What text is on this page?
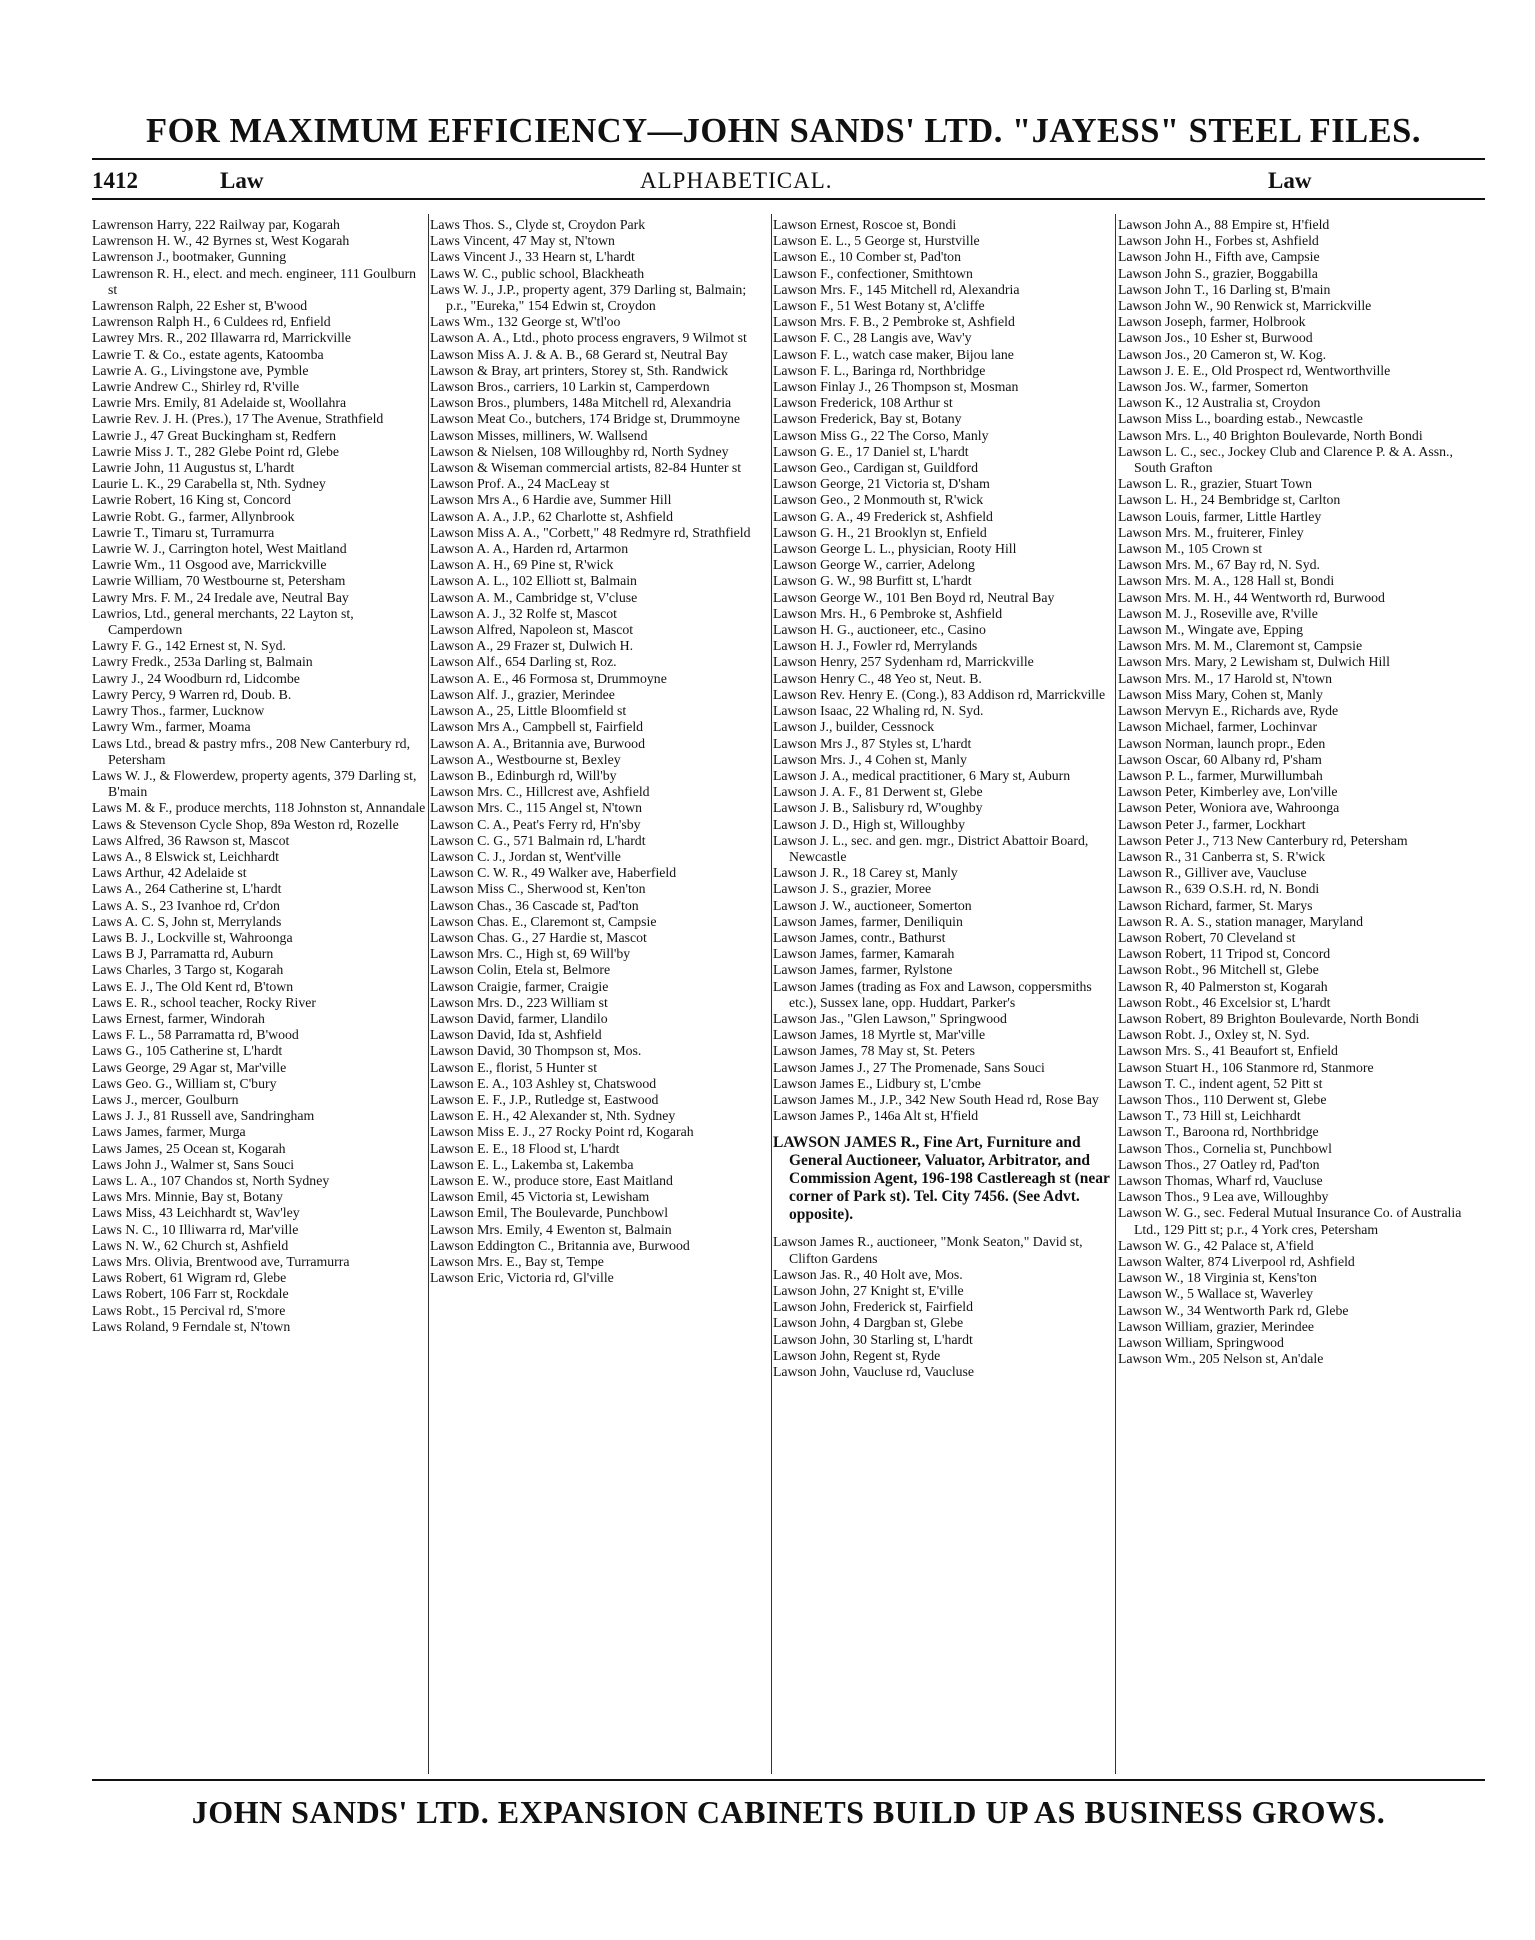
FOR MAXIMUM EFFICIENCY—JOHN SANDS' LTD. "JAYESS" STEEL FILES.
1412	Law	ALPHABETICAL.	Law

Lawrenson Harry, 222 Railway par, Kogarah

Lawrenson H. W., 42 Byrnes st, West Kogarah

Lawrenson J., bootmaker, Gunning

Lawrenson R. H., elect. and mech. engineer, 111 Goulburn st

Lawrenson Ralph, 22 Esher st, B'wood

Lawrenson Ralph H., 6 Culdees rd, Enfield

Lawrey Mrs. R., 202 Illawarra rd, Marrickville

Lawrie T. & Co., estate agents, Katoomba

Lawrie A. G., Livingstone ave, Pymble

Lawrie Andrew C., Shirley rd, R'ville

Lawrie Mrs. Emily, 81 Adelaide st, Woollahra

Lawrie Rev. J. H. (Pres.), 17 The Avenue, Strathfield

Lawrie J., 47 Great Buckingham st, Redfern

Lawrie Miss J. T., 282 Glebe Point rd, Glebe

Lawrie John, 11 Augustus st, L'hardt

Laurie L. K., 29 Carabella st, Nth. Sydney

Lawrie Robert, 16 King st, Concord

Lawrie Robt. G., farmer, Allynbrook

Lawrie T., Timaru st, Turramurra

Lawrie W. J., Carrington hotel, West Maitland

Lawrie Wm., 11 Osgood ave, Marrickville

Lawrie William, 70 Westbourne st, Petersham

Lawry Mrs. F. M., 24 Iredale ave, Neutral Bay

Lawrios, Ltd., general merchants, 22 Layton st, Camperdown

Lawry F. G., 142 Ernest st, N. Syd.

Lawry Fredk., 253a Darling st, Balmain

Lawry J., 24 Woodburn rd, Lidcombe

Lawry Percy, 9 Warren rd, Doub. B.

Lawry Thos., farmer, Lucknow

Lawry Wm., farmer, Moama

Laws Ltd., bread & pastry mfrs., 208 New Canterbury rd, Petersham

Laws W. J., & Flowerdew, property agents, 379 Darling st, B'main

Laws M. & F., produce merchts, 118 Johnston st, Annandale

Laws & Stevenson Cycle Shop, 89a Weston rd, Rozelle

Laws Alfred, 36 Rawson st, Mascot

Laws A., 8 Elswick st, Leichhardt

Laws Arthur, 42 Adelaide st

Laws A., 264 Catherine st, L'hardt

Laws A. S., 23 Ivanhoe rd, Cr'don

Laws A. C. S, John st, Merrylands

Laws B. J., Lockville st, Wahroonga

Laws B J, Parramatta rd, Auburn

Laws Charles, 3 Targo st, Kogarah

Laws E. J., The Old Kent rd, B'town

Laws E. R., school teacher, Rocky River

Laws Ernest, farmer, Windorah

Laws F. L., 58 Parramatta rd, B'wood

Laws G., 105 Catherine st, L'hardt

Laws George, 29 Agar st, Mar'ville

Laws Geo. G., William st, C'bury

Laws J., mercer, Goulburn

Laws J. J., 81 Russell ave, Sandringham

Laws James, farmer, Murga

Laws James, 25 Ocean st, Kogarah

Laws John J., Walmer st, Sans Souci

Laws L. A., 107 Chandos st, North Sydney

Laws Mrs. Minnie, Bay st, Botany

Laws Miss, 43 Leichhardt st, Wav'ley

Laws N. C., 10 Illiwarra rd, Mar'ville

Laws N. W., 62 Church st, Ashfield

Laws Mrs. Olivia, Brentwood ave, Turramurra

Laws Robert, 61 Wigram rd, Glebe

Laws Robert, 106 Farr st, Rockdale

Laws Robt., 15 Percival rd, S'more

Laws Roland, 9 Ferndale st, N'town

Laws Thos. S., Clyde st, Croydon Park

Laws Vincent, 47 May st, N'town

Laws Vincent J., 33 Hearn st, L'hardt

Laws W. C., public school, Blackheath

Laws W. J., J.P., property agent, 379 Darling st, Balmain; p.r., "Eureka," 154 Edwin st, Croydon

Laws Wm., 132 George st, W'tl'oo

Lawson A. A., Ltd., photo process engravers, 9 Wilmot st

Lawson Miss A. J. & A. B., 68 Gerard st, Neutral Bay

Lawson & Bray, art printers, Storey st, Sth. Randwick

Lawson Bros., carriers, 10 Larkin st, Camperdown

Lawson Bros., plumbers, 148a Mitchell rd, Alexandria

Lawson Meat Co., butchers, 174 Bridge st, Drummoyne

Lawson Misses, milliners, W. Wallsend

Lawson & Nielsen, 108 Willoughby rd, North Sydney

Lawson & Wiseman commercial artists, 82-84 Hunter st

Lawson Prof. A., 24 MacLeay st

Lawson Mrs A., 6 Hardie ave, Summer Hill

Lawson A. A., J.P., 62 Charlotte st, Ashfield

Lawson Miss A. A., "Corbett," 48 Redmyre rd, Strathfield

Lawson A. A., Harden rd, Artarmon

Lawson A. H., 69 Pine st, R'wick

Lawson A. L., 102 Elliott st, Balmain

Lawson A. M., Cambridge st, V'cluse

Lawson A. J., 32 Rolfe st, Mascot

Lawson Alfred, Napoleon st, Mascot

Lawson A., 29 Frazer st, Dulwich H.

Lawson Alf., 654 Darling st, Roz.

Lawson A. E., 46 Formosa st, Drummoyne

Lawson Alf. J., grazier, Merindee

Lawson A., 25, Little Bloomfield st

Lawson Mrs A., Campbell st, Fairfield

Lawson A. A., Britannia ave, Burwood

Lawson A., Westbourne st, Bexley

Lawson B., Edinburgh rd, Will'by

Lawson Mrs. C., Hillcrest ave, Ashfield

Lawson Mrs. C., 115 Angel st, N'town

Lawson C. A., Peat's Ferry rd, H'n'sby

Lawson C. G., 571 Balmain rd, L'hardt

Lawson C. J., Jordan st, Went'ville

Lawson C. W. R., 49 Walker ave, Haberfield

Lawson Miss C., Sherwood st, Ken'ton

Lawson Chas., 36 Cascade st, Pad'ton

Lawson Chas. E., Claremont st, Campsie

Lawson Chas. G., 27 Hardie st, Mascot

Lawson Mrs. C., High st, 69 Will'by

Lawson Colin, Etela st, Belmore

Lawson Craigie, farmer, Craigie

Lawson Mrs. D., 223 William st

Lawson David, farmer, Llandilo

Lawson David, Ida st, Ashfield

Lawson David, 30 Thompson st, Mos.

Lawson E., florist, 5 Hunter st

Lawson E. A., 103 Ashley st, Chatswood

Lawson E. F., J.P., Rutledge st, Eastwood

Lawson E. H., 42 Alexander st, Nth. Sydney

Lawson Miss E. J., 27 Rocky Point rd, Kogarah

Lawson E. E., 18 Flood st, L'hardt

Lawson E. L., Lakemba st, Lakemba

Lawson E. W., produce store, East Maitland

Lawson Emil, 45 Victoria st, Lewisham

Lawson Emil, The Boulevarde, Punchbowl

Lawson Mrs. Emily, 4 Ewenton st, Balmain

Lawson Eddington C., Britannia ave, Burwood

Lawson Mrs. E., Bay st, Tempe

Lawson Eric, Victoria rd, Gl'ville

Lawson Ernest, Roscoe st, Bondi

Lawson E. L., 5 George st, Hurstville

Lawson E., 10 Comber st, Pad'ton

Lawson F., confectioner, Smithtown

Lawson Mrs. F., 145 Mitchell rd, Alexandria

Lawson F., 51 West Botany st, A'cliffe

Lawson Mrs. F. B., 2 Pembroke st, Ashfield

Lawson F. C., 28 Langis ave, Wav'y

Lawson F. L., watch case maker, Bijou lane

Lawson F. L., Baringa rd, Northbridge

Lawson Finlay J., 26 Thompson st, Mosman

Lawson Frederick, 108 Arthur st

Lawson Frederick, Bay st, Botany

Lawson Miss G., 22 The Corso, Manly

Lawson G. E., 17 Daniel st, L'hardt

Lawson Geo., Cardigan st, Guildford

Lawson George, 21 Victoria st, D'sham

Lawson Geo., 2 Monmouth st, R'wick

Lawson G. A., 49 Frederick st, Ashfield

Lawson G. H., 21 Brooklyn st, Enfield

Lawson George L. L., physician, Rooty Hill

Lawson George W., carrier, Adelong

Lawson G. W., 98 Burfitt st, L'hardt

Lawson George W., 101 Ben Boyd rd, Neutral Bay

Lawson Mrs. H., 6 Pembroke st, Ashfield

Lawson H. G., auctioneer, etc., Casino

Lawson H. J., Fowler rd, Merrylands

Lawson Henry, 257 Sydenham rd, Marrickville

Lawson Henry C., 48 Yeo st, Neut. B.

Lawson Rev. Henry E. (Cong.), 83 Addison rd, Marrickville

Lawson Isaac, 22 Whaling rd, N. Syd.

Lawson J., builder, Cessnock

Lawson Mrs J., 87 Styles st, L'hardt

Lawson Mrs. J., 4 Cohen st, Manly

Lawson J. A., medical practitioner, 6 Mary st, Auburn

Lawson J. A. F., 81 Derwent st, Glebe

Lawson J. B., Salisbury rd, W'oughby

Lawson J. D., High st, Willoughby

Lawson J. L., sec. and gen. mgr., District Abattoir Board, Newcastle

Lawson J. R., 18 Carey st, Manly

Lawson J. S., grazier, Moree

Lawson J. W., auctioneer, Somerton

Lawson James, farmer, Deniliquin

Lawson James, contr., Bathurst

Lawson James, farmer, Kamarah

Lawson James, farmer, Rylstone

Lawson James (trading as Fox and Lawson, coppersmiths etc.), Sussex lane, opp. Huddart, Parker's

Lawson Jas., "Glen Lawson," Springwood

Lawson James, 18 Myrtle st, Mar'ville

Lawson James, 78 May st, St. Peters

Lawson James J., 27 The Promenade, Sans Souci

Lawson James E., Lidbury st, L'cmbe

Lawson James M., J.P., 342 New South Head rd, Rose Bay

Lawson James P., 146a Alt st, H'field

LAWSON JAMES R., Fine Art, Furniture and General Auctioneer, Valuator, Arbitrator, and Commission Agent, 196-198 Castlereagh st (near corner of Park st). Tel. City 7456. (See Advt. opposite).

Lawson James R., auctioneer, "Monk Seaton," David st, Clifton Gardens

Lawson Jas. R., 40 Holt ave, Mos.

Lawson John, 27 Knight st, E'ville

Lawson John, Frederick st, Fairfield

Lawson John, 4 Dargban st, Glebe

Lawson John, 30 Starling st, L'hardt

Lawson John, Regent st, Ryde

Lawson John, Vaucluse rd, Vaucluse

Lawson John A., 88 Empire st, H'field

Lawson John H., Forbes st, Ashfield

Lawson John H., Fifth ave, Campsie

Lawson John S., grazier, Boggabilla

Lawson John T., 16 Darling st, B'main

Lawson John W., 90 Renwick st, Marrickville

Lawson Joseph, farmer, Holbrook

Lawson Jos., 10 Esher st, Burwood

Lawson Jos., 20 Cameron st, W. Kog.

Lawson J. E. E., Old Prospect rd, Wentworthville

Lawson Jos. W., farmer, Somerton

Lawson K., 12 Australia st, Croydon

Lawson Miss L., boarding estab., Newcastle

Lawson Mrs. L., 40 Brighton Boulevarde, North Bondi

Lawson L. C., sec., Jockey Club and Clarence P. & A. Assn., South Grafton

Lawson L. R., grazier, Stuart Town

Lawson L. H., 24 Bembridge st, Carlton

Lawson Louis, farmer, Little Hartley

Lawson Mrs. M., fruiterer, Finley

Lawson M., 105 Crown st

Lawson Mrs. M., 67 Bay rd, N. Syd.

Lawson Mrs. M. A., 128 Hall st, Bondi

Lawson Mrs. M. H., 44 Wentworth rd, Burwood

Lawson M. J., Roseville ave, R'ville

Lawson M., Wingate ave, Epping

Lawson Mrs. M. M., Claremont st, Campsie

Lawson Mrs. Mary, 2 Lewisham st, Dulwich Hill

Lawson Mrs. M., 17 Harold st, N'town

Lawson Miss Mary, Cohen st, Manly

Lawson Mervyn E., Richards ave, Ryde

Lawson Michael, farmer, Lochinvar

Lawson Norman, launch propr., Eden

Lawson Oscar, 60 Albany rd, P'sham

Lawson P. L., farmer, Murwillumbah

Lawson Peter, Kimberley ave, Lon'ville

Lawson Peter, Woniora ave, Wahroonga

Lawson Peter J., farmer, Lockhart

Lawson Peter J., 713 New Canterbury rd, Petersham

Lawson R., 31 Canberra st, S. R'wick

Lawson R., Gilliver ave, Vaucluse

Lawson R., 639 O.S.H. rd, N. Bondi

Lawson Richard, farmer, St. Marys

Lawson R. A. S., station manager, Maryland

Lawson Robert, 70 Cleveland st

Lawson Robert, 11 Tripod st, Concord

Lawson Robt., 96 Mitchell st, Glebe

Lawson R, 40 Palmerston st, Kogarah

Lawson Robt., 46 Excelsior st, L'hardt

Lawson Robert, 89 Brighton Boulevarde, North Bondi

Lawson Robt. J., Oxley st, N. Syd.

Lawson Mrs. S., 41 Beaufort st, Enfield

Lawson Stuart H., 106 Stanmore rd, Stanmore

Lawson T. C., indent agent, 52 Pitt st

Lawson Thos., 110 Derwent st, Glebe

Lawson T., 73 Hill st, Leichhardt

Lawson T., Baroona rd, Northbridge

Lawson Thos., Cornelia st, Punchbowl

Lawson Thos., 27 Oatley rd, Pad'ton

Lawson Thomas, Wharf rd, Vaucluse

Lawson Thos., 9 Lea ave, Willoughby

Lawson W. G., sec. Federal Mutual Insurance Co. of Australia Ltd., 129 Pitt st; p.r., 4 York cres, Petersham

Lawson W. G., 42 Palace st, A'field

Lawson Walter, 874 Liverpool rd, Ashfield

Lawson W., 18 Virginia st, Kens'ton

Lawson W., 5 Wallace st, Waverley

Lawson W., 34 Wentworth Park rd, Glebe

Lawson William, grazier, Merindee

Lawson William, Springwood

Lawson Wm., 205 Nelson st, An'dale

JOHN SANDS' LTD. EXPANSION CABINETS BUILD UP AS BUSINESS GROWS.
